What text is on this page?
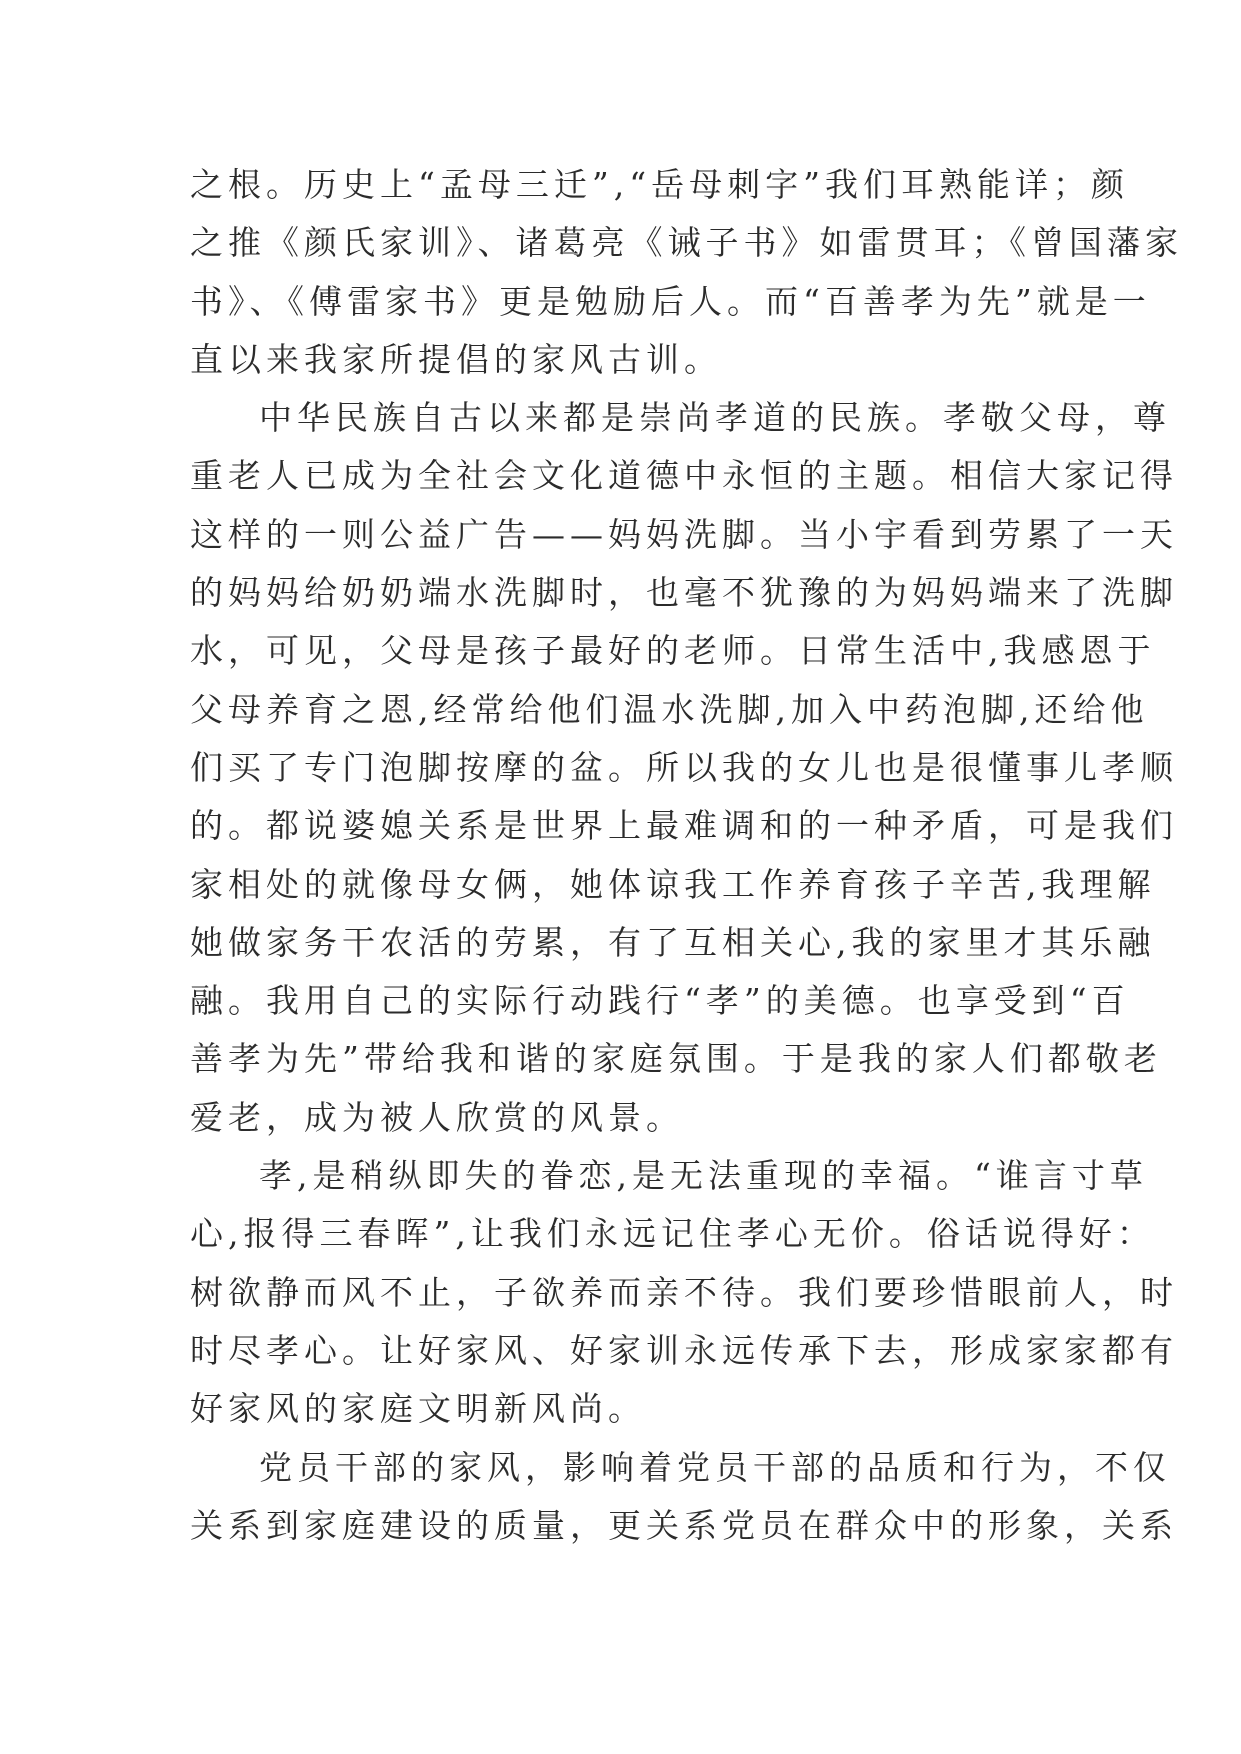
之根。历史上“孟母三迁”,“岳母刺字”我们耳熟能详；颜
之推《颜氏家训》、诸葛亮《诫子书》如雷贯耳；《曾国藩家
书》、《傅雷家书》更是勉励后人。而“百善孝为先”就是一
直以来我家所提倡的家风古训。
中华民族自古以来都是崇尚孝道的民族。孝敬父母，尊
重老人已成为全社会文化道德中永恒的主题。相信大家记得
这样的一则公益广告——妈妈洗脚。当小宇看到劳累了一天
的妈妈给奶奶端水洗脚时，也毫不犹豫的为妈妈端来了洗脚
水，可见，父母是孩子最好的老师。日常生活中,我感恩于
父母养育之恩,经常给他们温水洗脚,加入中药泡脚,还给他
们买了专门泡脚按摩的盆。所以我的女儿也是很懂事儿孝顺
的。都说婆媳关系是世界上最难调和的一种矛盾，可是我们
家相处的就像母女俩，她体谅我工作养育孩子辛苦,我理解
她做家务干农活的劳累，有了互相关心,我的家里才其乐融
融。我用自己的实际行动践行“孝”的美德。也享受到“百
善孝为先”带给我和谐的家庭氛围。于是我的家人们都敬老
爱老，成为被人欣赏的风景。
孝,是稍纵即失的眷恋,是无法重现的幸福。“谁言寸草
心,报得三春晖”,让我们永远记住孝心无价。俗话说得好：
树欲静而风不止，子欲养而亲不待。我们要珍惜眼前人，时
时尽孝心。让好家风、好家训永远传承下去，形成家家都有
好家风的家庭文明新风尚。
党员干部的家风，影响着党员干部的品质和行为，不仅
关系到家庭建设的质量，更关系党员在群众中的形象，关系
